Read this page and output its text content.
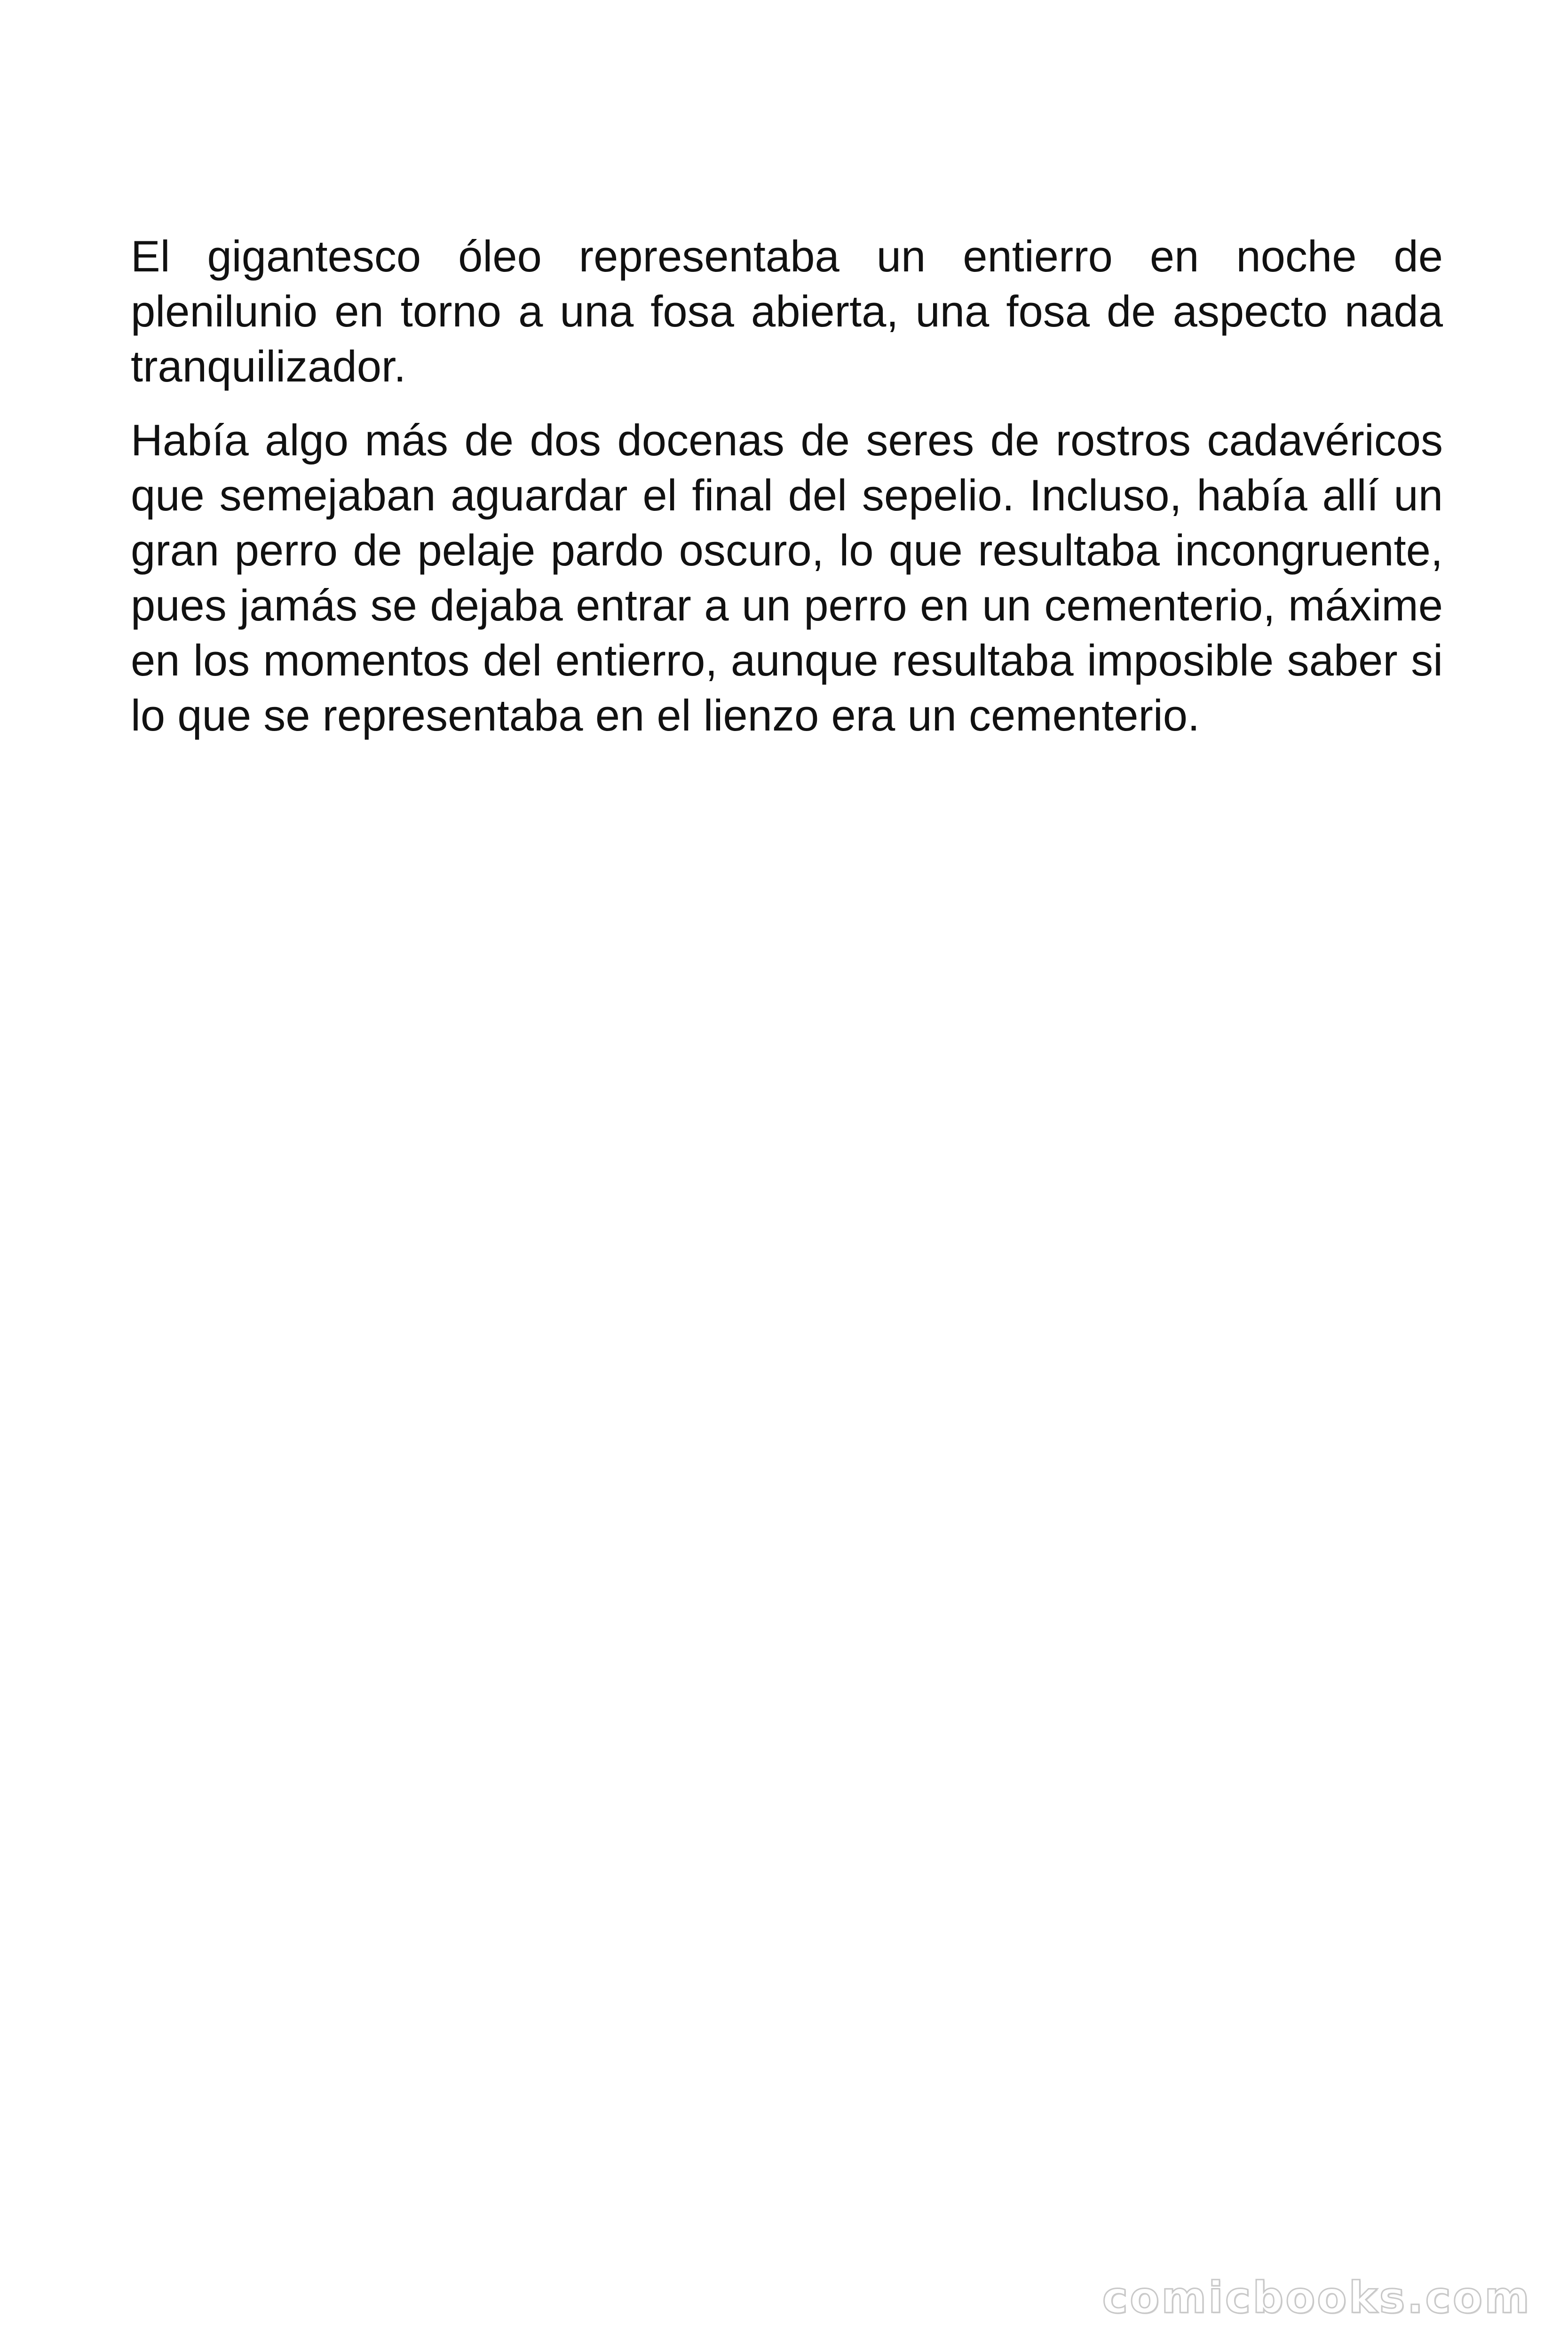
El gigantesco óleo representaba un entierro en noche de plenilunio en torno a una fosa abierta, una fosa de aspecto nada tranquilizador.

Había algo más de dos docenas de seres de rostros cadavéricos que semejaban aguardar el final del sepelio. Incluso, había allí un gran perro de pelaje pardo oscuro, lo que resultaba incongruente, pues jamás se dejaba entrar a un perro en un cementerio, máxime en los momentos del entierro, aunque resultaba imposible saber si lo que se representaba en el lienzo era un cementerio.

comicbooks.com
